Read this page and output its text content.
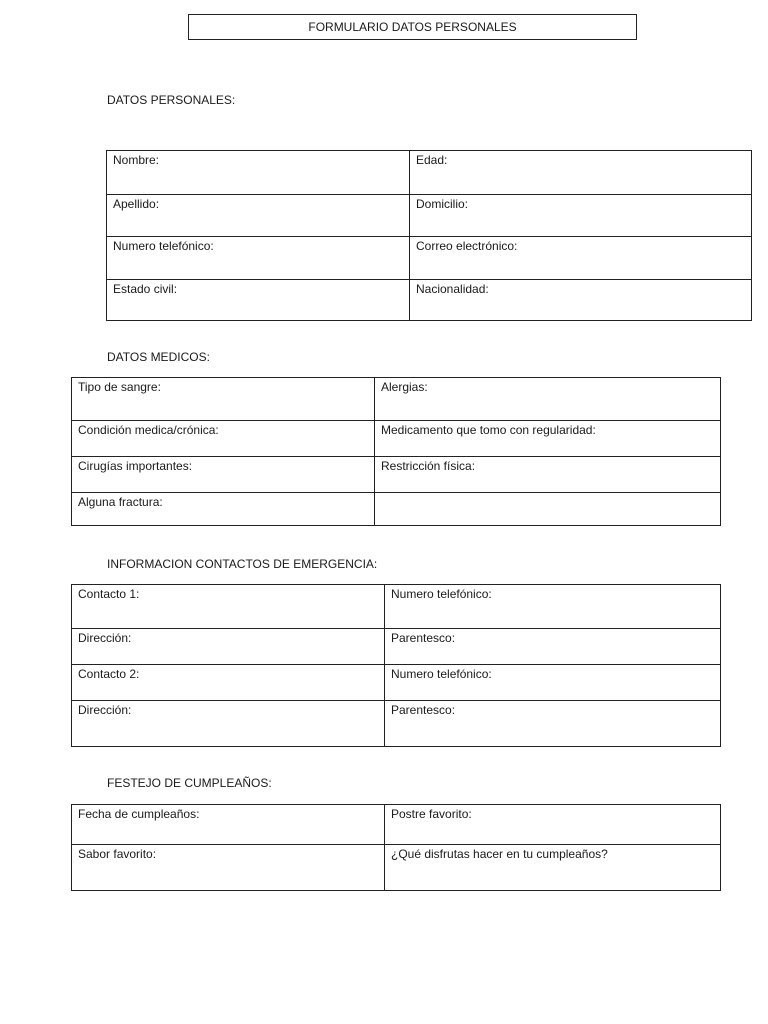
FORMULARIO DATOS PERSONALES
DATOS PERSONALES:
Nombre:	Edad:
Apellido:	Domicilio:
Numero telefónico:	Correo electrónico:
Estado civil:	Nacionalidad:
DATOS MEDICOS:
Tipo de sangre:	Alergias:
Condición medica/crónica:	Medicamento que tomo con regularidad:
Cirugías importantes:	Restricción física:
Alguna fractura:	
INFORMACION CONTACTOS DE EMERGENCIA:
Contacto 1:	Numero telefónico:
Dirección:	Parentesco:
Contacto 2:	Numero telefónico:
Dirección:	Parentesco:
FESTEJO DE CUMPLEAÑOS:
Fecha de cumpleaños:	Postre favorito:
Sabor favorito:	¿Qué disfrutas hacer en tu cumpleaños?
